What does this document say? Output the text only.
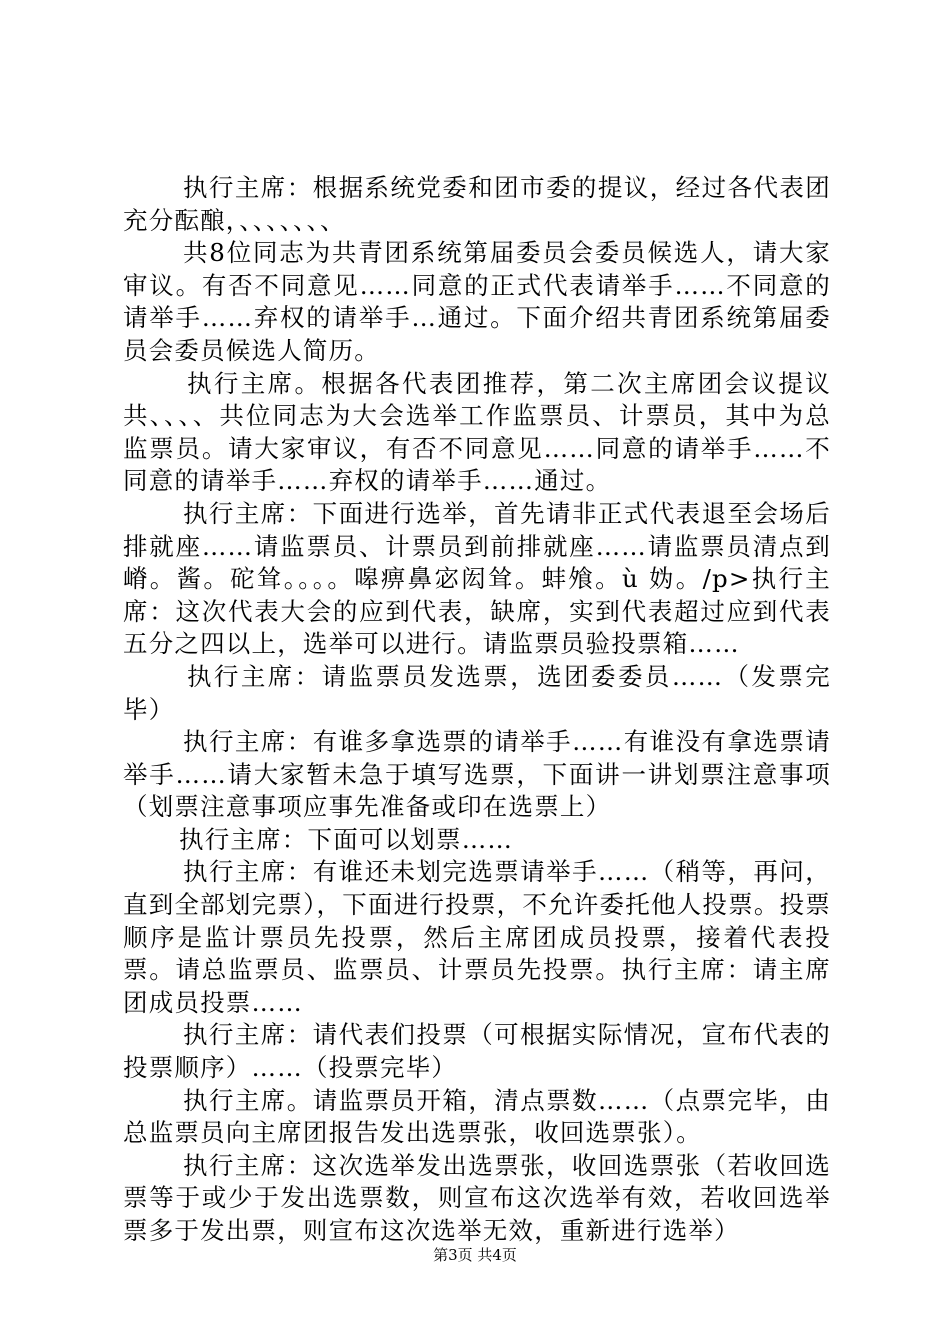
执行主席：根据系统党委和团市委的提议，经过各代表团充分酝酿，、、、、、、、

共8位同志为共青团系统第届委员会委员候选人，请大家审议。有否不同意见……同意的正式代表请举手……不同意的请举手……弃权的请举手…通过。下面介绍共青团系统第届委员会委员候选人简历。

执行主席。根据各代表团推荐，第二次主席团会议提议共、、、、共位同志为大会选举工作监票员、计票员，其中为总监票员。请大家审议，有否不同意见……同意的请举手……不同意的请举手……弃权的请举手……通过。

执行主席：下面进行选举，首先请非正式代表退至会场后排就座……请监票员、计票员到前排就座……请监票员清点到嵴。酱。砣耸。。。。嗥痹鼻宓闳耸。蚌飧。ù 妫。/p>执行主席：这次代表大会的应到代表，缺席，实到代表超过应到代表五分之四以上，选举可以进行。请监票员验投票箱……

执行主席：请监票员发选票，选团委委员……（发票完毕）

执行主席：有谁多拿选票的请举手……有谁没有拿选票请举手……请大家暂未急于填写选票，下面讲一讲划票注意事项（划票注意事项应事先准备或印在选票上）

执行主席：下面可以划票……

执行主席：有谁还未划完选票请举手……（稍等，再问，直到全部划完票），下面进行投票，不允许委托他人投票。投票顺序是监计票员先投票，然后主席团成员投票，接着代表投票。请总监票员、监票员、计票员先投票。执行主席：请主席团成员投票……

执行主席：请代表们投票（可根据实际情况，宣布代表的投票顺序）……（投票完毕）

执行主席。请监票员开箱，清点票数……（点票完毕，由总监票员向主席团报告发出选票张，收回选票张）。

执行主席：这次选举发出选票张，收回选票张（若收回选票等于或少于发出选票数，则宣布这次选举有效，若收回选举票多于发出票，则宣布这次选举无效，重新进行选举）

第3页 共4页
